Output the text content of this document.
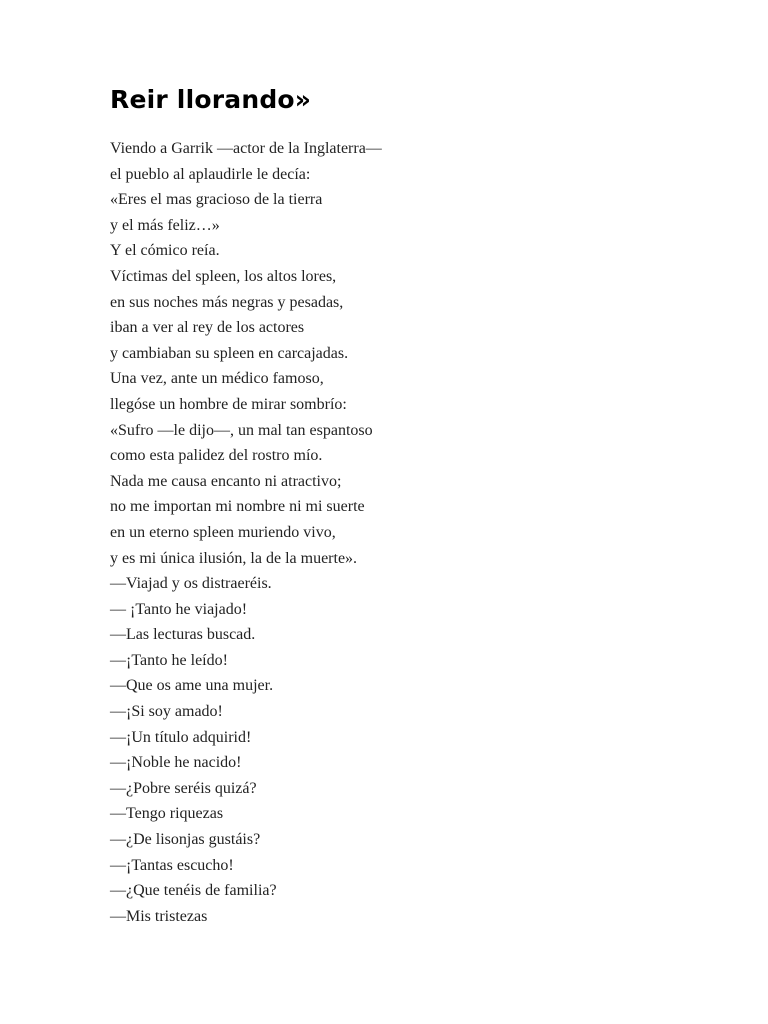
Reir llorando»
Viendo a Garrik —actor de la Inglaterra—
el pueblo al aplaudirle le decía:
«Eres el mas gracioso de la tierra
y el más feliz…»
Y el cómico reía.
Víctimas del spleen, los altos lores,
en sus noches más negras y pesadas,
iban a ver al rey de los actores
y cambiaban su spleen en carcajadas.
Una vez, ante un médico famoso,
llegóse un hombre de mirar sombrío:
«Sufro —le dijo—, un mal tan espantoso
como esta palidez del rostro mío.
Nada me causa encanto ni atractivo;
no me importan mi nombre ni mi suerte
en un eterno spleen muriendo vivo,
y es mi única ilusión, la de la muerte».
—Viajad y os distraeréis.
— ¡Tanto he viajado!
—Las lecturas buscad.
—¡Tanto he leído!
—Que os ame una mujer.
—¡Si soy amado!
—¡Un título adquirid!
—¡Noble he nacido!
—¿Pobre seréis quizá?
—Tengo riquezas
—¿De lisonjas gustáis?
—¡Tantas escucho!
—¿Que tenéis de familia?
—Mis tristezas
